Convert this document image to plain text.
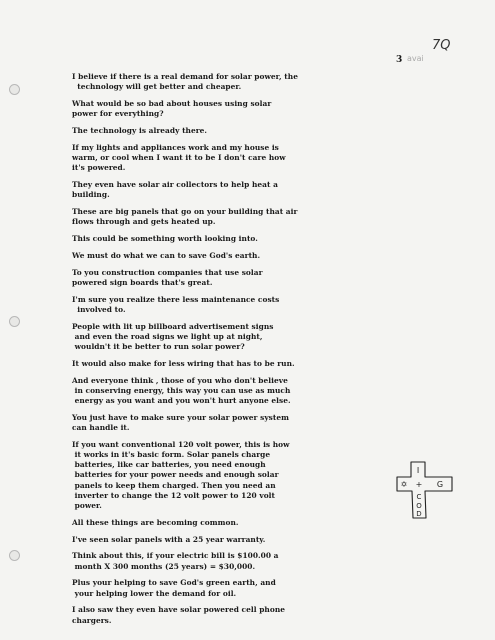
7Q
3 avai
I believe if there is a real demand for solar power, the
technology will get better and cheaper.
What would be so bad about houses using solar
power for everything?
The technology is already there.
If my lights and appliances work and my house is
warm, or cool when I want it to be I don't care how
it's powered.
They even have solar air collectors to help heat a
building.
These are big panels that go on your building that air
flows through and gets heated up.
This could be something worth looking into.
We must do what we can to save God's earth.
To you construction companies that use solar
powered sign boards that's great.
I'm sure you realize there less maintenance costs
involved to.
People with lit up billboard advertisement signs
and even the road signs we light up at night,
wouldn't it be better to run solar power?
It would also make for less wiring that has to be run.
And everyone think , those of you who don't believe
in conserving energy, this way you can use as much
energy as you want and you won't hurt anyone else.
You just have to make sure your solar power system
can handle it.
If you want conventional 120 volt power, this is how
it works in it's basic form. Solar panels charge
batteries, like car batteries, you need enough
batteries for your power needs and enough solar
panels to keep them charged. Then you need an
inverter to change the 12 volt power to 120 volt
power.
All these things are becoming common.
I've seen solar panels with a 25 year warranty.
Think about this, if your electric bill is $100.00 a
month X 300 months (25 years) = $30,000.
Plus your helping to save God's green earth, and
your helping lower the demand for oil.
I also saw they even have solar powered cell phone
chargers.
I
G
+
C
O
D
✡
